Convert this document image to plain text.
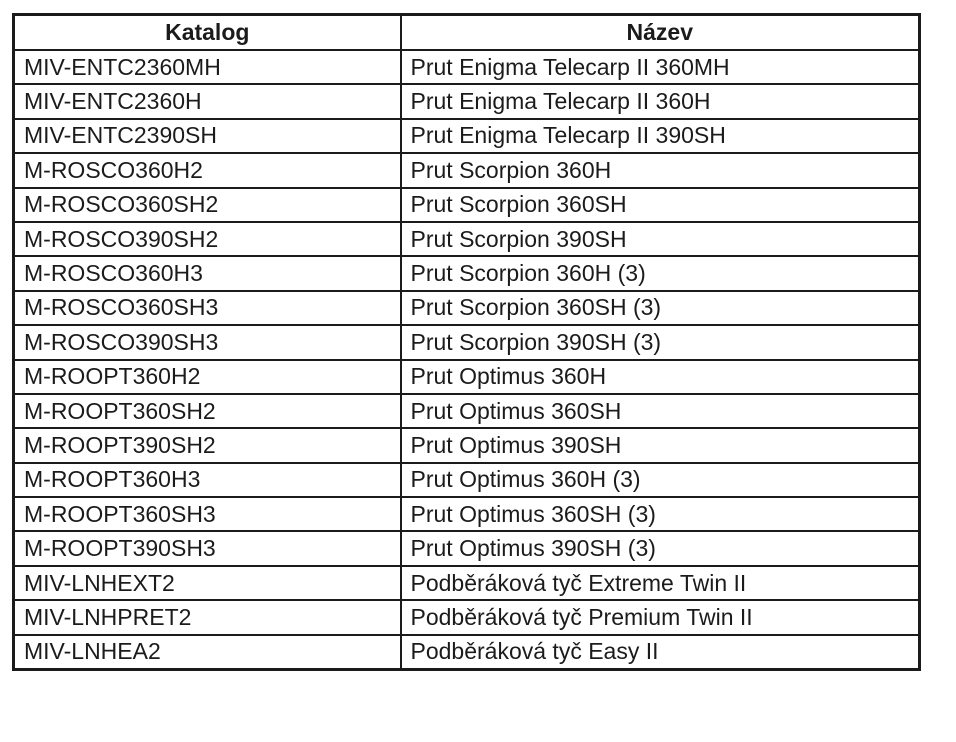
Katalog	Název
MIV-ENTC2360MH	Prut Enigma Telecarp II 360MH
MIV-ENTC2360H	Prut Enigma Telecarp II 360H
MIV-ENTC2390SH	Prut Enigma Telecarp II 390SH
M-ROSCO360H2	Prut Scorpion 360H
M-ROSCO360SH2	Prut Scorpion 360SH
M-ROSCO390SH2	Prut Scorpion 390SH
M-ROSCO360H3	Prut Scorpion 360H (3)
M-ROSCO360SH3	Prut Scorpion 360SH (3)
M-ROSCO390SH3	Prut Scorpion 390SH (3)
M-ROOPT360H2	Prut Optimus 360H
M-ROOPT360SH2	Prut Optimus 360SH
M-ROOPT390SH2	Prut Optimus 390SH
M-ROOPT360H3	Prut Optimus 360H (3)
M-ROOPT360SH3	Prut Optimus 360SH (3)
M-ROOPT390SH3	Prut Optimus 390SH (3)
MIV-LNHEXT2	Podběráková tyč Extreme Twin II
MIV-LNHPRET2	Podběráková tyč Premium Twin II
MIV-LNHEA2	Podběráková tyč Easy II
